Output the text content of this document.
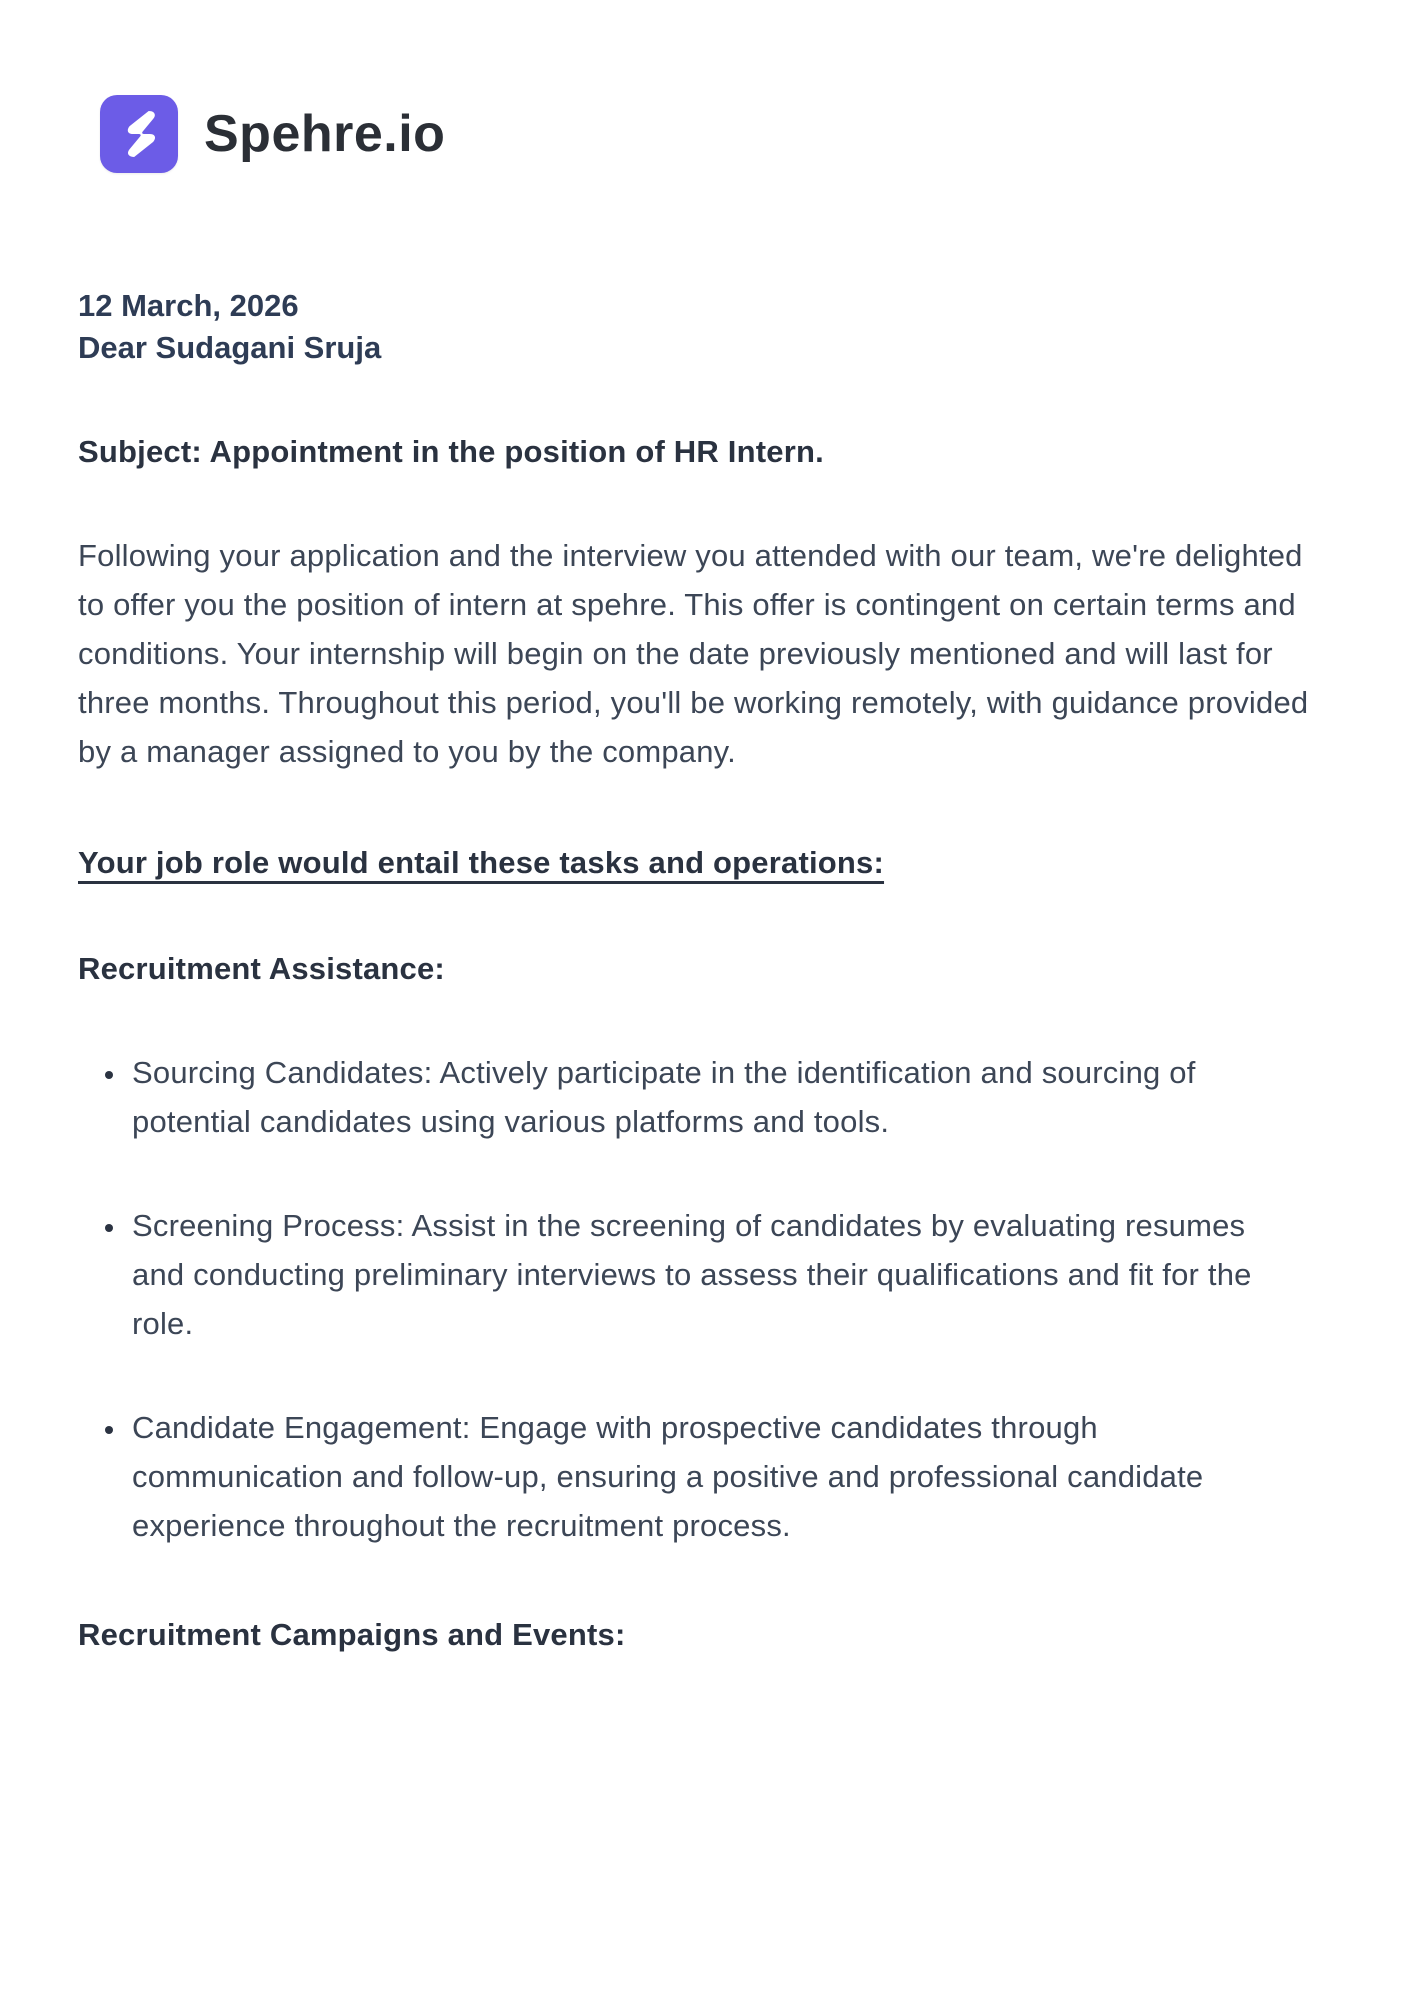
Spehre.io
12 March, 2026
Dear Sudagani Sruja
Subject: Appointment in the position of HR Intern.

Following your application and the interview you attended with our team, we're delighted to offer you the position of intern at spehre. This offer is contingent on certain terms and conditions. Your internship will begin on the date previously mentioned and will last for three months. Throughout this period, you'll be working remotely, with guidance provided by a manager assigned to you by the company.

Your job role would entail these tasks and operations:
Recruitment Assistance:
• Sourcing Candidates: Actively participate in the identification and sourcing of potential candidates using various platforms and tools.
• Screening Process: Assist in the screening of candidates by evaluating resumes and conducting preliminary interviews to assess their qualifications and fit for the role.
• Candidate Engagement: Engage with prospective candidates through communication and follow-up, ensuring a positive and professional candidate experience throughout the recruitment process.
Recruitment Campaigns and Events:
